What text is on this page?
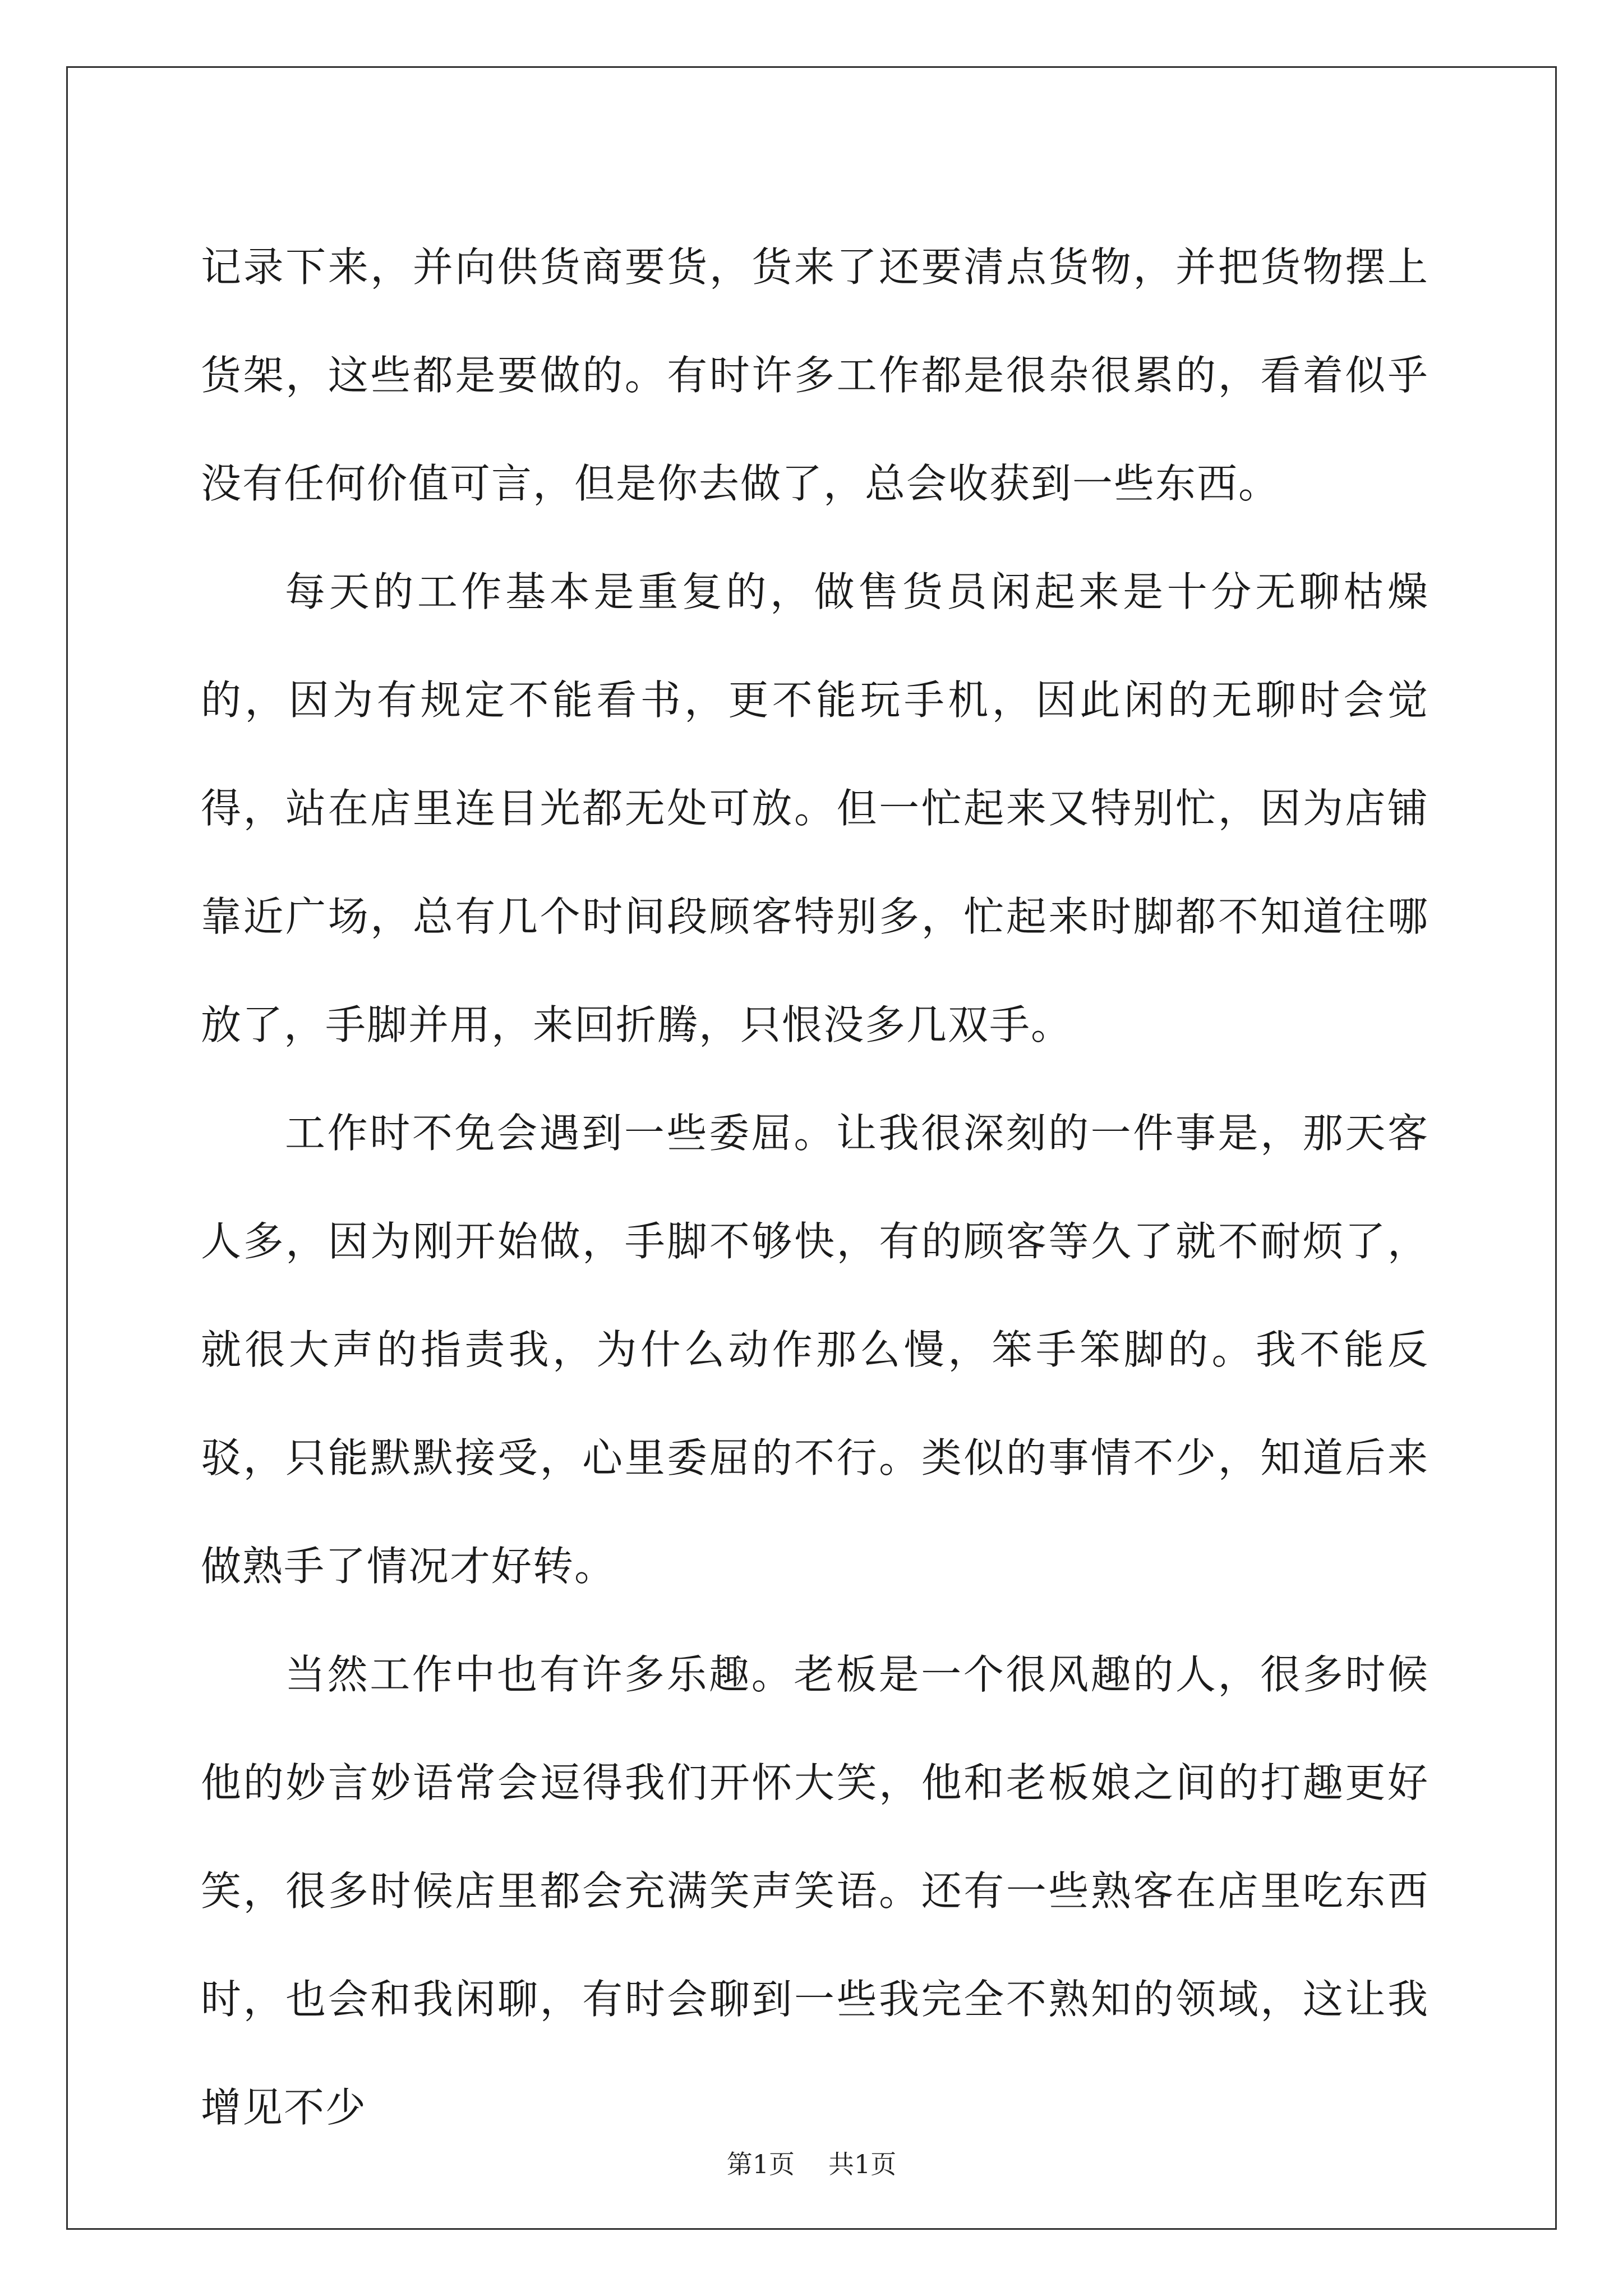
记录下来，并向供货商要货，货来了还要清点货物，并把货物摆上货架，这些都是要做的。有时许多工作都是很杂很累的，看着似乎没有任何价值可言，但是你去做了，总会收获到一些东西。

每天的工作基本是重复的，做售货员闲起来是十分无聊枯燥的，因为有规定不能看书，更不能玩手机，因此闲的无聊时会觉得，站在店里连目光都无处可放。但一忙起来又特别忙，因为店铺靠近广场，总有几个时间段顾客特别多，忙起来时脚都不知道往哪放了，手脚并用，来回折腾，只恨没多几双手。

工作时不免会遇到一些委屈。让我很深刻的一件事是，那天客人多，因为刚开始做，手脚不够快，有的顾客等久了就不耐烦了，就很大声的指责我，为什么动作那么慢，笨手笨脚的。我不能反驳，只能默默接受，心里委屈的不行。类似的事情不少，知道后来做熟手了情况才好转。

当然工作中也有许多乐趣。老板是一个很风趣的人，很多时候他的妙言妙语常会逗得我们开怀大笑，他和老板娘之间的打趣更好笑，很多时候店里都会充满笑声笑语。还有一些熟客在店里吃东西时，也会和我闲聊，有时会聊到一些我完全不熟知的领域，这让我增见不少

第1页 共1页
